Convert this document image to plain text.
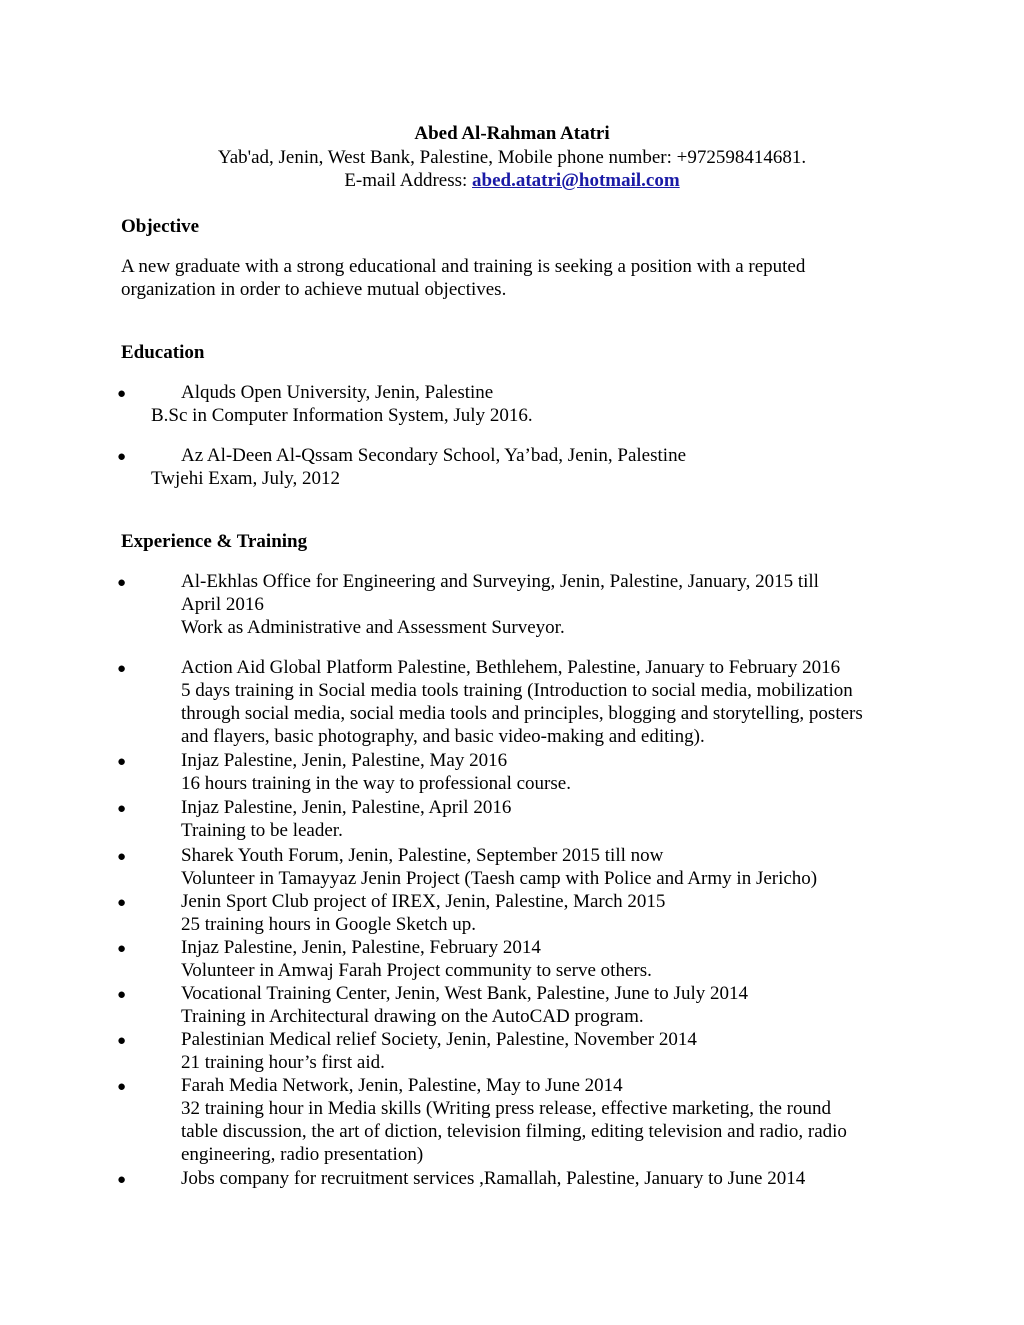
Abed Al-Rahman Atatri
Yab'ad, Jenin, West Bank, Palestine, Mobile phone number: +972598414681.
E-mail Address: abed.atatri@hotmail.com
Objective
A new graduate with a strong educational and training is seeking a position with a reputed
organization in order to achieve mutual objectives.
Education
●	Alquds Open University, Jenin, Palestine
B.Sc in Computer Information System, July 2016.
●	Az Al-Deen Al-Qssam Secondary School, Ya’bad, Jenin, Palestine
Twjehi Exam, July, 2012
Experience & Training
●	Al-Ekhlas Office for Engineering and Surveying, Jenin, Palestine, January, 2015 till
April 2016
Work as Administrative and Assessment Surveyor.
●	Action Aid Global Platform Palestine, Bethlehem, Palestine, January to February 2016
5 days training in Social media tools training (Introduction to social media, mobilization
through social media, social media tools and principles, blogging and storytelling, posters
and flayers, basic photography, and basic video-making and editing).
●	Injaz Palestine, Jenin, Palestine, May 2016
16 hours training in the way to professional course.
●	Injaz Palestine, Jenin, Palestine, April 2016
Training to be leader.
●	Sharek Youth Forum, Jenin, Palestine, September 2015 till now
Volunteer in Tamayyaz Jenin Project (Taesh camp with Police and Army in Jericho)
●	Jenin Sport Club project of IREX, Jenin, Palestine, March 2015
25 training hours in Google Sketch up.
●	Injaz Palestine, Jenin, Palestine, February 2014
Volunteer in Amwaj Farah Project community to serve others.
●	Vocational Training Center, Jenin, West Bank, Palestine, June to July 2014
Training in Architectural drawing on the AutoCAD program.
●	Palestinian Medical relief Society, Jenin, Palestine, November 2014
21 training hour’s first aid.
●	Farah Media Network, Jenin, Palestine, May to June 2014
32 training hour in Media skills (Writing press release, effective marketing, the round
table discussion, the art of diction, television filming, editing television and radio, radio
engineering, radio presentation)
●	Jobs company for recruitment services ,Ramallah, Palestine, January to June 2014
